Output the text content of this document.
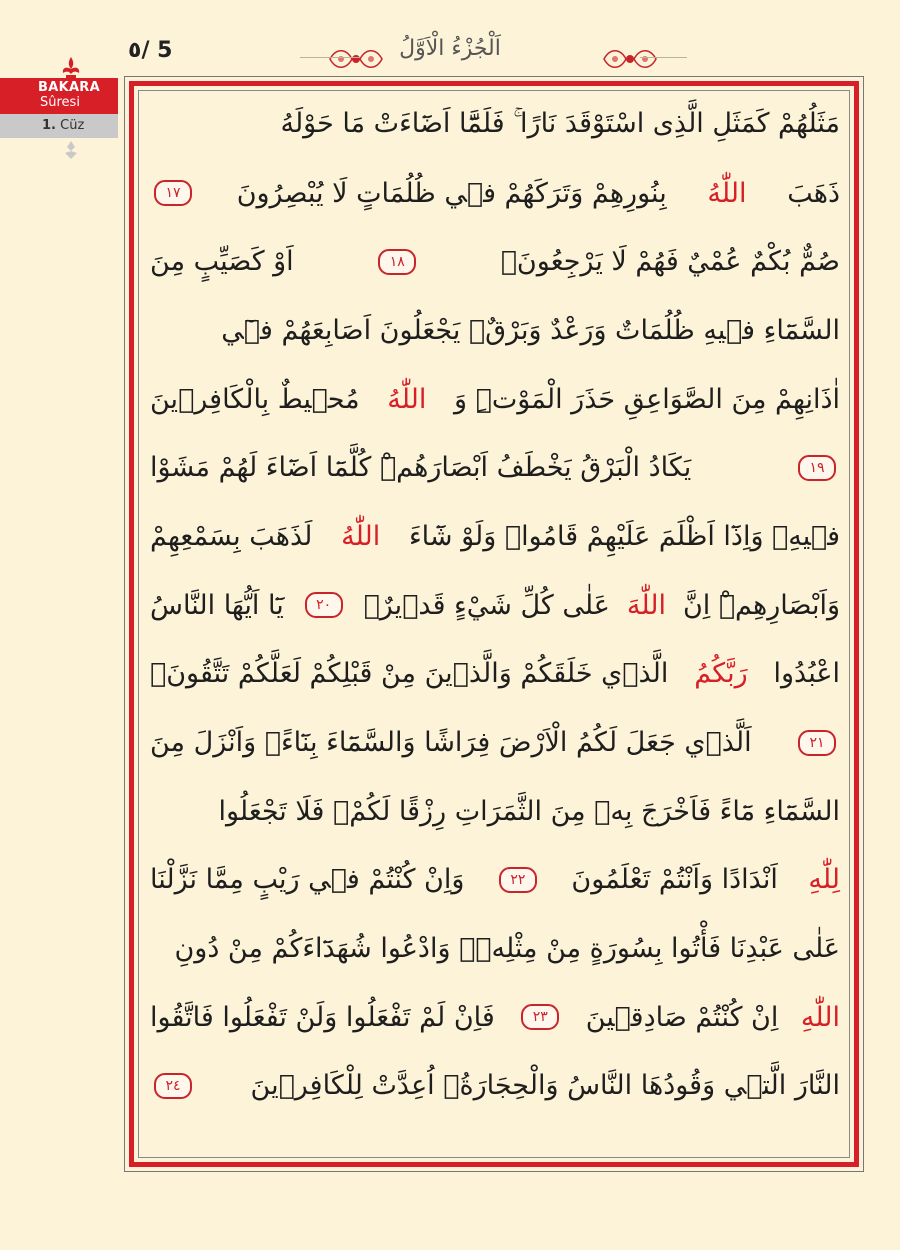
٥/ 5	اَلْجُزْءُ الْاَوَّلُ
BAKARA
Sûresi
1. Cüz	مَثَلُهُمْ كَمَثَلِ الَّذِى اسْتَوْقَدَ نَارًا ۚ فَلَمَّٓا اَضَٓاءَتْ مَا حَوْلَهُ
ذَهَبَ
اللّٰهُ
بِنُورِهِمْ وَتَرَكَهُمْ ف۪ي ظُلُمَاتٍ لَا يُبْصِرُونَ
١٧
صُمٌّ بُكْمٌ عُمْيٌ فَهُمْ لَا يَرْجِعُونَۙ
١٨
اَوْ كَصَيِّبٍ مِنَ
السَّمَٓاءِ ف۪يهِ ظُلُمَاتٌ وَرَعْدٌ وَبَرْقٌۚ يَجْعَلُونَ اَصَابِعَهُمْ ف۪ٓي
اٰذَانِهِمْ مِنَ الصَّوَاعِقِ حَذَرَ الْمَوْتِۜ وَ
اللّٰهُ
مُح۪يطٌ بِالْكَافِر۪ينَ
١٩
يَكَادُ الْبَرْقُ يَخْطَفُ اَبْصَارَهُمْۜ كُلَّمَٓا اَضَٓاءَ لَهُمْ مَشَوْا
ف۪يهِۙ وَاِذَٓا اَظْلَمَ عَلَيْهِمْ قَامُواۜ وَلَوْ شَٓاءَ
اللّٰهُ
لَذَهَبَ بِسَمْعِهِمْ
وَاَبْصَارِهِمْۜ اِنَّ
اللّٰهَ
عَلٰى كُلِّ شَيْءٍ قَد۪يرٌ۟
٢٠
يَٓا اَيُّهَا النَّاسُ
اعْبُدُوا
رَبَّكُمُ
الَّذ۪ي خَلَقَكُمْ وَالَّذ۪ينَ مِنْ قَبْلِكُمْ لَعَلَّكُمْ تَتَّقُونَۙ
٢١
اَلَّذ۪ي جَعَلَ لَكُمُ الْاَرْضَ فِرَاشًا وَالسَّمَٓاءَ بِنَٓاءًۖ وَاَنْزَلَ مِنَ
السَّمَٓاءِ مَٓاءً فَاَخْرَجَ بِه۪ مِنَ الثَّمَرَاتِ رِزْقًا لَكُمْۚ فَلَا تَجْعَلُوا
لِلّٰهِ
اَنْدَادًا وَاَنْتُمْ تَعْلَمُونَ
٢٢
وَاِنْ كُنْتُمْ ف۪ي رَيْبٍ مِمَّا نَزَّلْنَا
عَلٰى عَبْدِنَا فَأْتُوا بِسُورَةٍ مِنْ مِثْلِه۪ۖ وَادْعُوا شُهَدَٓاءَكُمْ مِنْ دُونِ
اللّٰهِ
اِنْ كُنْتُمْ صَادِق۪ينَ
٢٣
فَاِنْ لَمْ تَفْعَلُوا وَلَنْ تَفْعَلُوا فَاتَّقُوا
النَّارَ الَّت۪ي وَقُودُهَا النَّاسُ وَالْحِجَارَةُۚ اُعِدَّتْ لِلْكَافِر۪ينَ
٢٤
